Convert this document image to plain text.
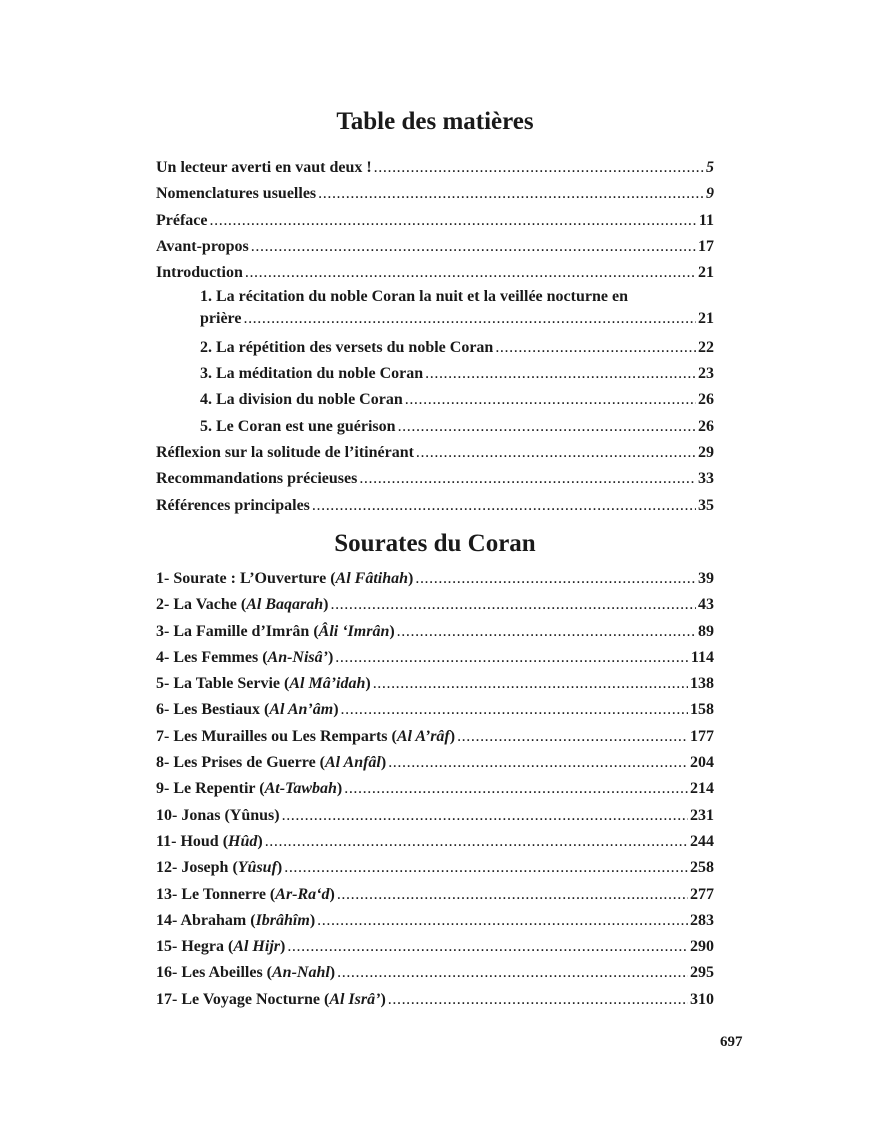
Table des matières
Un lecteur averti en vaut deux ! .....	5
Nomenclatures usuelles .....	9
Préface .....	11
Avant-propos .....	17
Introduction .....	21
1. La récitation du noble Coran la nuit et la veillée nocturne en
prière .....	21
2. La répétition des versets du noble Coran .....	22
3. La méditation du noble Coran .....	23
4. La division du noble Coran .....	26
5. Le Coran est une guérison .....	26
Réflexion sur la solitude de l’itinérant .....	29
Recommandations précieuses .....	33
Références principales .....	35
Sourates du Coran
1- Sourate : L’Ouverture (Al Fâtihah) .....	39
2- La Vache (Al Baqarah) .....	43
3- La Famille d’Imrân (Âli ‘Imrân) .....	89
4- Les Femmes (An-Nisâ’) .....	114
5- La Table Servie (Al Mâ’idah) .....	138
6- Les Bestiaux (Al An’âm) .....	158
7- Les Murailles ou Les Remparts (Al A’râf) .....	177
8- Les Prises de Guerre (Al Anfâl) .....	204
9- Le Repentir (At-Tawbah) .....	214
10- Jonas (Yûnus) .....	231
11- Houd (Hûd) .....	244
12- Joseph (Yûsuf) .....	258
13- Le Tonnerre (Ar-Ra‘d) .....	277
14- Abraham (Ibrâhîm) .....	283
15- Hegra (Al Hijr) .....	290
16- Les Abeilles (An-Nahl) .....	295
17- Le Voyage Nocturne (Al Isrâ’) .....	310
697
